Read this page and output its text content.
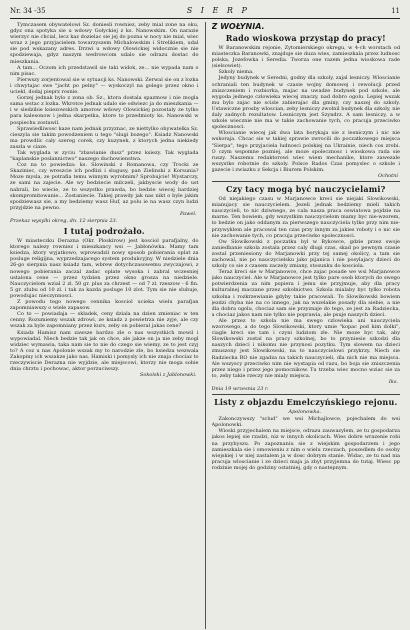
Nr. 34 -35	S I E R P	11

Tymczasem obywatelowi Sz. doniesli rowniez, zeby mial zone na oku, gdyz ona spotyka sie u wdowy Golyckiej z ks. Nanowskim. On narazie wierzyc nie chcial, lecz kaz dozielac sie jej do pozna w nocy nie mial, wiec wraz z jego przyjacielem towarzyszem Michalowskim i Strelikiem, udal sie pod wskazany adres. Drzwi u wdowy Olowickiej widocznie sie nie spodziewaja, gdyz naszym wedrowcom udalo sie odrazu dostac do mieszkania.

A tam... Oczom ich przedstawil sie taki widok, ze... nie wypada nam o nim pisac.

Pierwszy zorjentowal sie w sytuacji ks. Nanowski. Zerwal sie on z lozka i chwytajac swe "jacht po pelny" — wyskoczyl na golego przez okno i uciekl, dodaj pieprz rosnie.

Gorzej jednak bylo z zona ob. Sz., ktora dostala spazmow i nie mogla sama wstac z lozka. Wkrotce jednak udalo sie odwiezc ja do mieszkania — i w siedzibie ksiezowskich amorow wdowy Olowickiej pozostaly ze tylko para kalesonow i jedna skarpetka, ktore to przedmioty ks. Nanowski w pospiechu zostawil.

Sprawiedliwosc kaze nam jednak przyznac, ze niettylko obywatelka Sz. cieszyla sie takim powodzeniem u tego "slugi bozego". Ksiadz Nanowski ma prowdlic caly szereg corek, czy kuzynek, z ktorych jedna niekiedy zaszla w ciaze.

Tak wyglada w zyciu "zbawianie dusz" przez ksiezy. Tak wyglada "kaplanskie poslannictwo" naszego duchowienstwa.

Coz na to powiedza: ks. Slowinski z Romanowa, czy Trocki ze Skaziniec, czy wreszcie ich podlizi i slugusy, pan Zielinski z Korsunia? Moze mysla, ze potrafia temu winnym wyrobnim? Sprobujcie! Wystarczy, ze sami na zajecie. Ale wy bedziecie milczeli, jakbyscie wody do ust nabrali, bo wiecie, ze to wszystko prawda, bo bedzie wiecej bardziej skompromitowanie... Zostaniecie. Takiej prawdy jak nas nikt o byle jakim spodziewasz sie, a my bedziemy wasz Huf, az polu ie na wasz czyn ludzi przyjdzie na pewno.

Pawel.
Przekaz wysylki okreg, dn. 12 sierpnia 23.
I tutaj podrożało.

W miasteczku Derazna (Okr. Ploskirow) jest kosciol parafjalny, do ktorego nalezy rowniez i mieszkancy wsi — Jabłonówka. Mamy tam ksiedza, ktory wyjatkowo, wprowadzil nowy sposob pobierania oplat za posluge religijna, wyprzedzajacego system produkcyjny. W niedziele dnia 26-go sierpnia nasz ksiadz tam, wbrew dotychczasowemu zwyczajowi, z nowego pobierania zaczal zadac oplate wysoka i zabral wczesniej ustalona cene — przez tydzien przez okno grosza na niedziele. Nauczycielom wzial 2 zl. 50 gr. plus za chrzest — od 7 zl. rzeszow - 6 fin. 5 gr. zlubu od 10 zl. i tak za kazda posluge 10 zlot. Tym sie nie slubuje, powodujac nieczynnosci.

Z powodu tego nowego cennika kosciol ucieka wielu parafjan zapomniawszy o wiele zapasow.

Co to — powiadaja — skladek, ceny dziala na dzien zmieniac w ten cenny. Rozumiemy wszak zdrowi, ze ksiadz z powietrza nie zyje, ale czy wszak za byle zapomniany przez kurs, zeby on pobieral jakas cene?

Ksiadz Hamisz nam zawsze bardzo zle o nas wszystkich mowil i wypowiadal. Niech bedzie tak jak on chce, ale jakze on ja nie zeby mogl widziec wymawia, taka nam sie to nie do czego sie wiemy, ze to jest czyj to? A coz u nas Apolonie wszak my to narodzie zle, bo ksiedza wezwala Zakopiny ich wszakze jako nas. Hamiski i pomysly ich nie znaja chociaz to rzeczywiscie Derazna nie wyjdzie, ale miejscowi, ktorzy nie moga sobie dnia chrztu i pochowac, aktor porzuciwszy.

Sokolski z Jablonowki.
Z WOŁYNIA.
Rado wioskowa przystąp do pracy!

W Baranowskim rejonie, Zytomierskiego okregu, w 4-ch worstach od miasteczka Baranowki, znajduje sie duza wies, zamieszkala przez ludnosc polska, Jozefowka i Seredia. Tworza one razem jedna wioskowa rade (sielsowiet).

Szkoly niema.

Jedyny budynek w Seredni, godny dla szkoly, zajal lesniczy. Wloscianie ochraniali ten budynek w czasie wojny domowej i rewolucji przed zniszczeniem i rozbiorka, majac na uwadze budynek pod szkole, ale wygoda jednego czlowieka wiecej znaczy, nad dobro ogolu. Lepiej wszak mu bylo zajac nie scisle zabierajac dla gminy, czy naszej do szkoly. Ustawiczne prosby wloscian, zeby lesniczy zwolnil budynek dla szkoly, nie daly zadnych rezultatow. Lesniczym jest Szyndrz. A sam lesniczy, a w szkole wiecznie nie ma w takie zachowanie tych, co pracuja przeciwko spolecznosci.

Wloscianie wiecej jak dwa lata borykaja sie z lesniczym i nic nie wskoraja. Chcac sie w takiej sprawie zwrocili do poczatkowego miejsca "Sierpa", tego przyjaciela ludnosci polskiej na Ukrainie, niech cos zrobi. O czym wspomne pozniej, ale moze spolecznosc i wioskowa rada sie ruszy. Naszemu redaktorowi wiec wiem mechanike, ktore zawezale wszystko robotnie do szkoly. Polsce Rados Czas pomyslec o szkole i gazecie i zwiazku z Sekcja i Biurem Polskim.

Ochotni
Czy tacy mogą być nauczycielami?

Od niejakiego czasu w Marjanowce kreci sie niejaki Slowikowski, mianujacy sie nauczycielem. Jezeli jednak bedziemy mieli takich nauczycieli, to nic dziwnego, ze cala nasza praca oswiatowa pojdzie na marne. Ten bowiem, gdy wszystkim nauczycielom mamy byc nie-wzorem, to bedzie on jako oddanym za pierwszego nauczyciela tylko przy nim nie-przywyklem ale pracowal ten czas przy innym za jakies roboty i o nic sie nie zachowanie tych, co pracuja przeciwko spolecznosci.

Ow Slowikowski z poczatku byl w Bykowce, gdzie przez swoje zaniedbanie szkola zostala przez caly dlugi czas, skad po pewnym czasie zostal przeniesiony do Marjanowki przy tej samej okolicy, a tam sie zachowal, nie po nauczycielsku jako pijanica i nie posylajacy dzieci do szkoly co sie z czasem zaczely zmiany, stosunku do kosciola.

Teraz kreci sie w Marjanowce, chce zajac posade we wsi Marjanowce jako nauczyciel. Ale w Marjanowce jest tylko pare osob ktorych do swego potwierdzenia za nim popiera i jemu sie przyjmuje, aby dla pracy kulturalnej maczane przez szkolnictwo. Szkola mialaby byc tylko robota szkolna i rozkrzewianie gdyby takie pracowali. To Slowikowski bowiem jezdzi chyba nie na co innego, jak na wszelakie posady dla siebie, a nie dla dobra ogolu, chociaz sam sie przyznaje do tego, ze jest za Radziecka, a chociaz jakos nam nie tylko nie poprawia, ale psuje naszych dzieci.

Ale przez to szkola nie ma swego czlowieka ani nauczyciela wzorowego, a do tego Slowikowski, ktory umie "kopac pod kim dolki", ciagle kreci sie tam i czyni ludziom zle. Nie moze byc tak, aby Slowikowski zostal na pracy szkolnej, bo to przyniesie szkodzi dla naszych dzieci i nikomu nie przynosi pozytku. Tym slowem na dzieci zmuszony jest Slowikowski, na to nauczycielowi przykrzy. Niech sie Radziecka RO nie zgadza na takich nauczycieli, dla nich nie ma miejsca. Ale wszyscy przeciwko nim nie wystapia od razu, bo boja sie zniszczenia przez niego i przez jego pomocnikow. Tu trzeba wiec mocno wziac sie za to, zeby takie rzeczy nie mialy miejsca.

Iks.
Dnia 19 wrzesnia 23 r.
Listy z objazdu Emelczyńskiego rejonu.
Apolonowka.

Zakonczywszy "sclud" we wsi Michajlowce, pojechalem do wsi Apolonowki.

Wioski przyjechalem na miejsce, odrazu zauwazylem, ze tu gospodarza jakos lepiej sie rzadzi, niz w innych okolicach. Wies dobre wrazenie robi na przybyszu. Po zapoznaniu sie z wiejskim gospodarzem i jego zamieszkala sie i omowieniu z nim o wielu rzeczach, poszedlem do osoby wiejskiej i w niej zastalem ja w dosc dobrym stanie. Widac, ze tu nad nia pracuja wloscianie i ze dzieci maja ja zbyt przyjemna do tutaj. Wiesc pp rodzinie mojej do godziny ostatniej, gdy o nastepnym.
